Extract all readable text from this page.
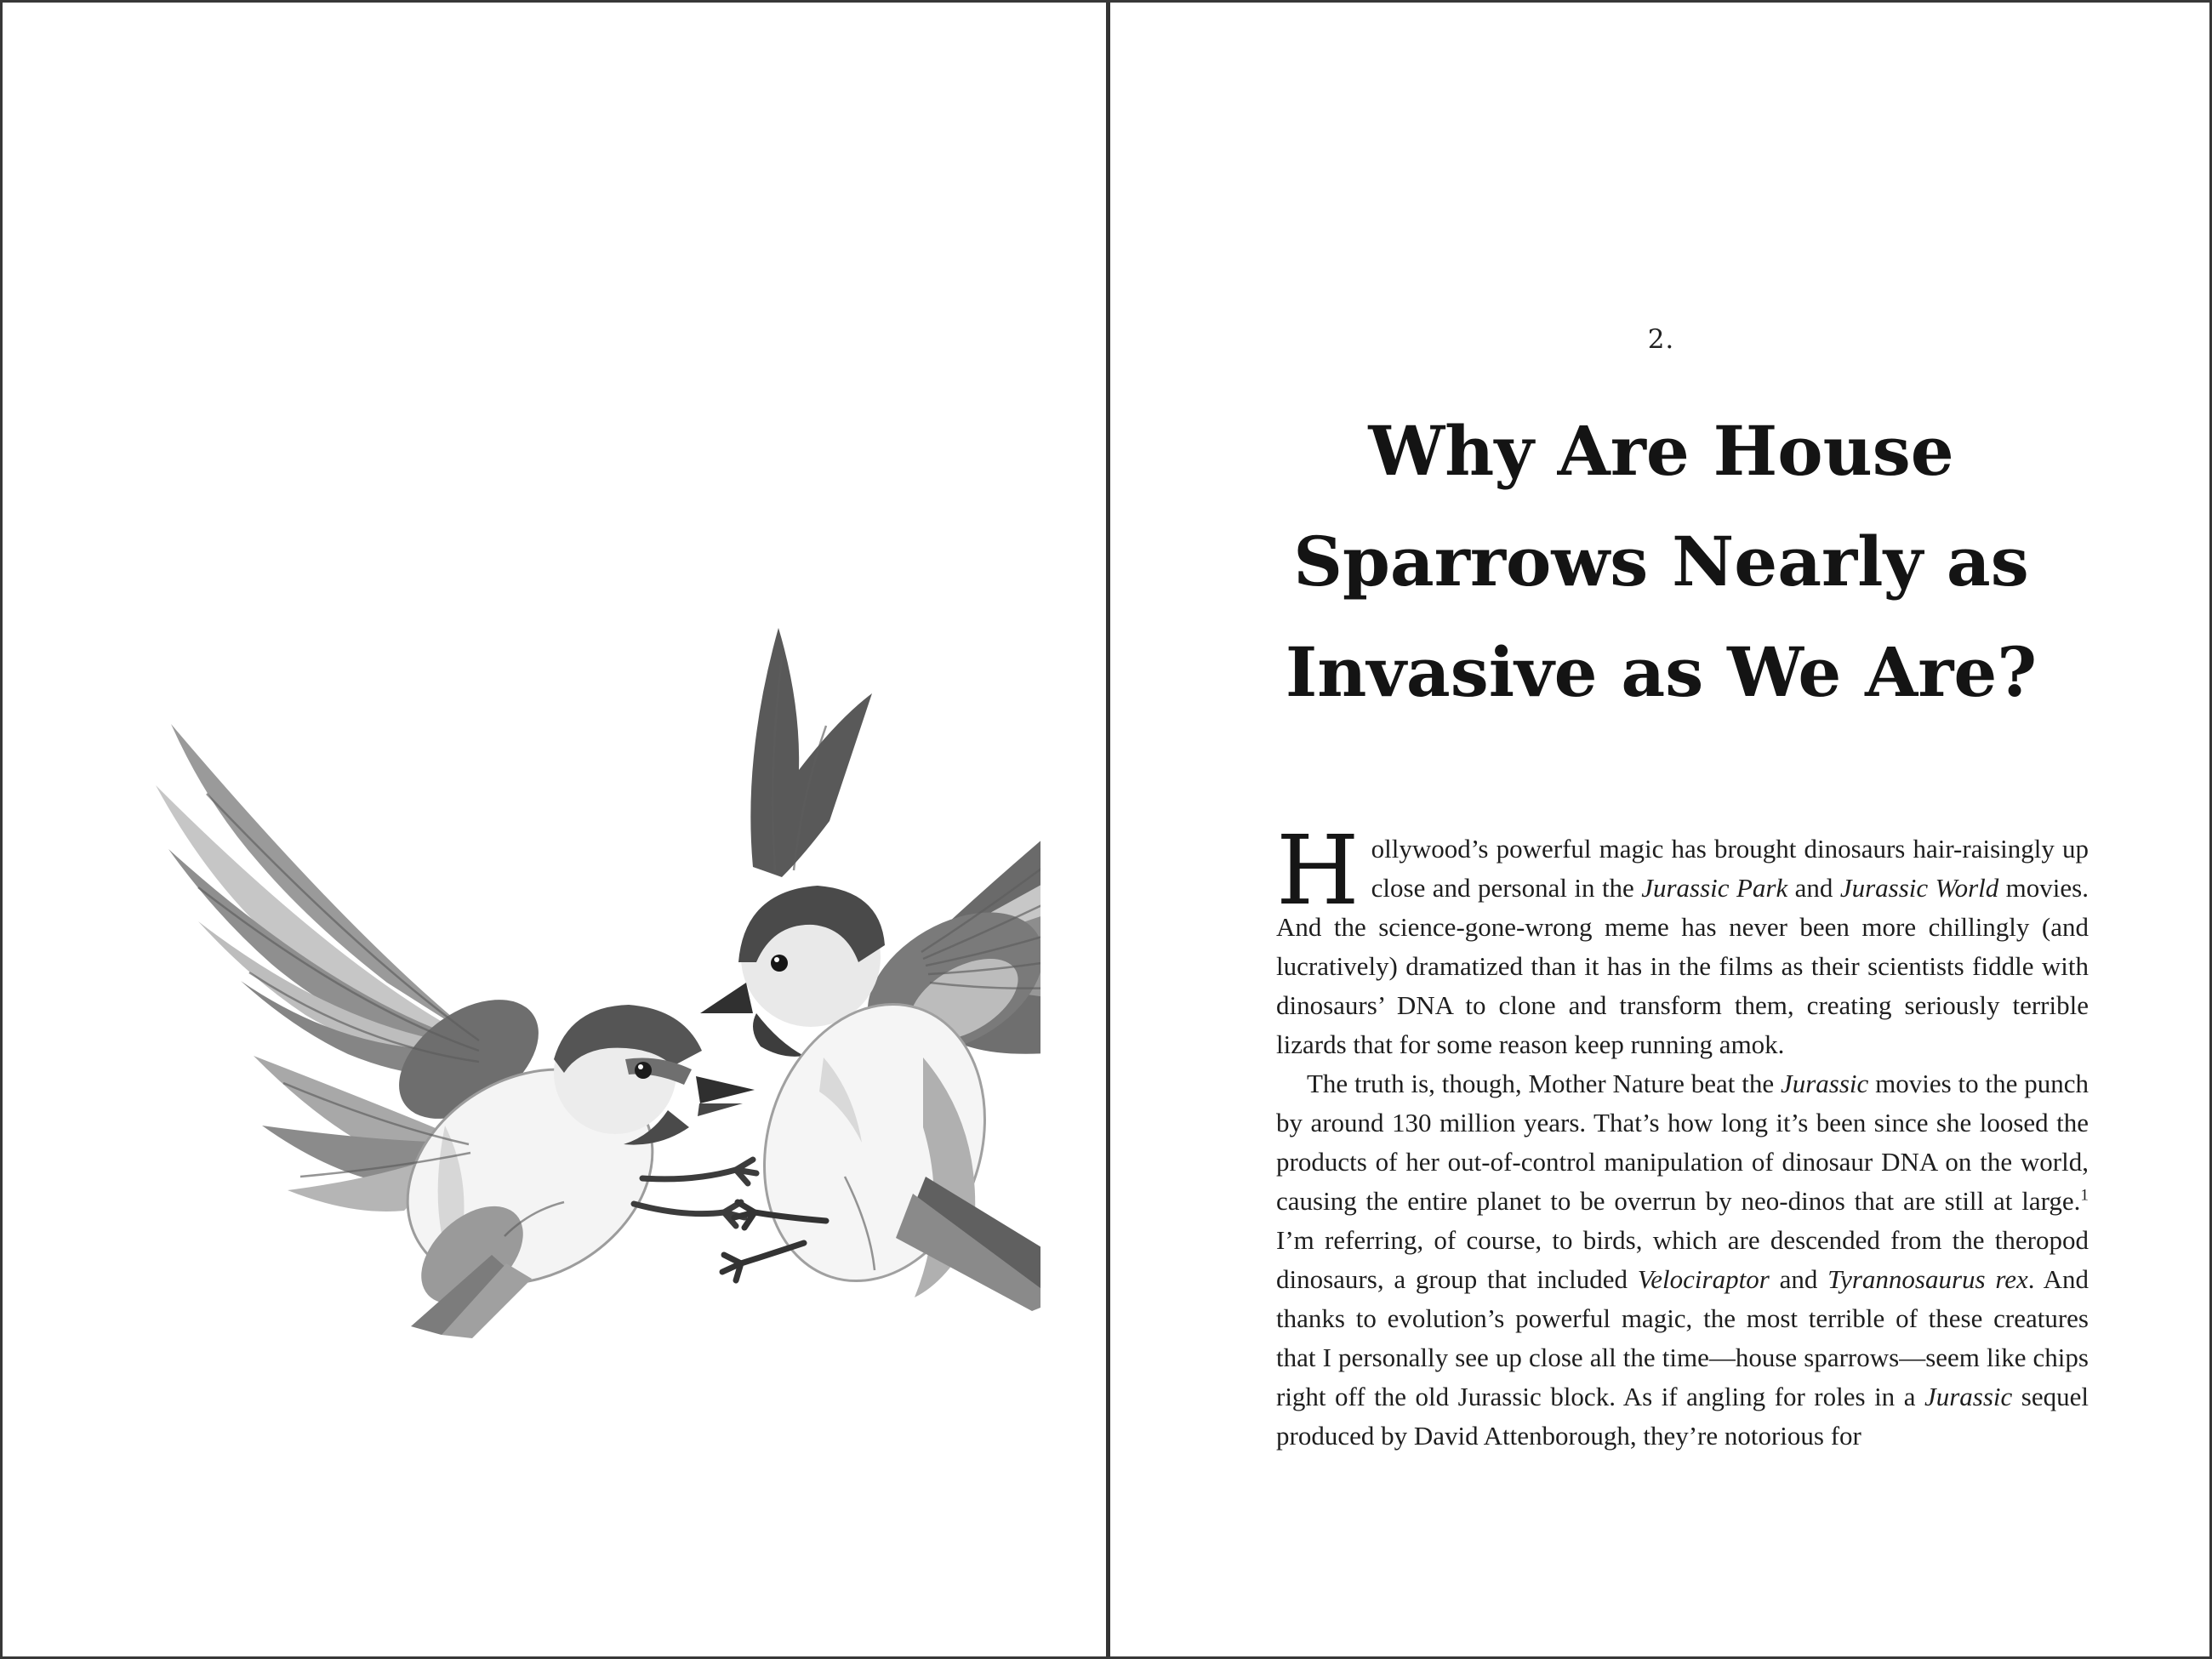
2.
Why Are House
Sparrows Nearly as
Invasive as We Are?

Hollywood’s powerful magic has brought dinosaurs hair-raisingly up close and personal in the Jurassic Park and Jurassic World movies. And the science-gone-wrong meme has never been more chillingly (and lucratively) dramatized than it has in the films as their scientists fiddle with dinosaurs’ DNA to clone and transform them, creating seriously terrible lizards that for some reason keep running amok.

The truth is, though, Mother Nature beat the Jurassic movies to the punch by around 130 million years. That’s how long it’s been since she loosed the products of her out-of-control manipulation of dinosaur DNA on the world, causing the entire planet to be overrun by neo-dinos that are still at large.$^1$ I’m referring, of course, to birds, which are descended from the theropod dinosaurs, a group that included Velociraptor and Tyrannosaurus rex. And thanks to evolution’s powerful magic, the most terrible of these creatures that I personally see up close all the time—house sparrows—seem like chips right off the old Jurassic block. As if angling for roles in a Jurassic sequel produced by David Attenborough, they’re notorious for
